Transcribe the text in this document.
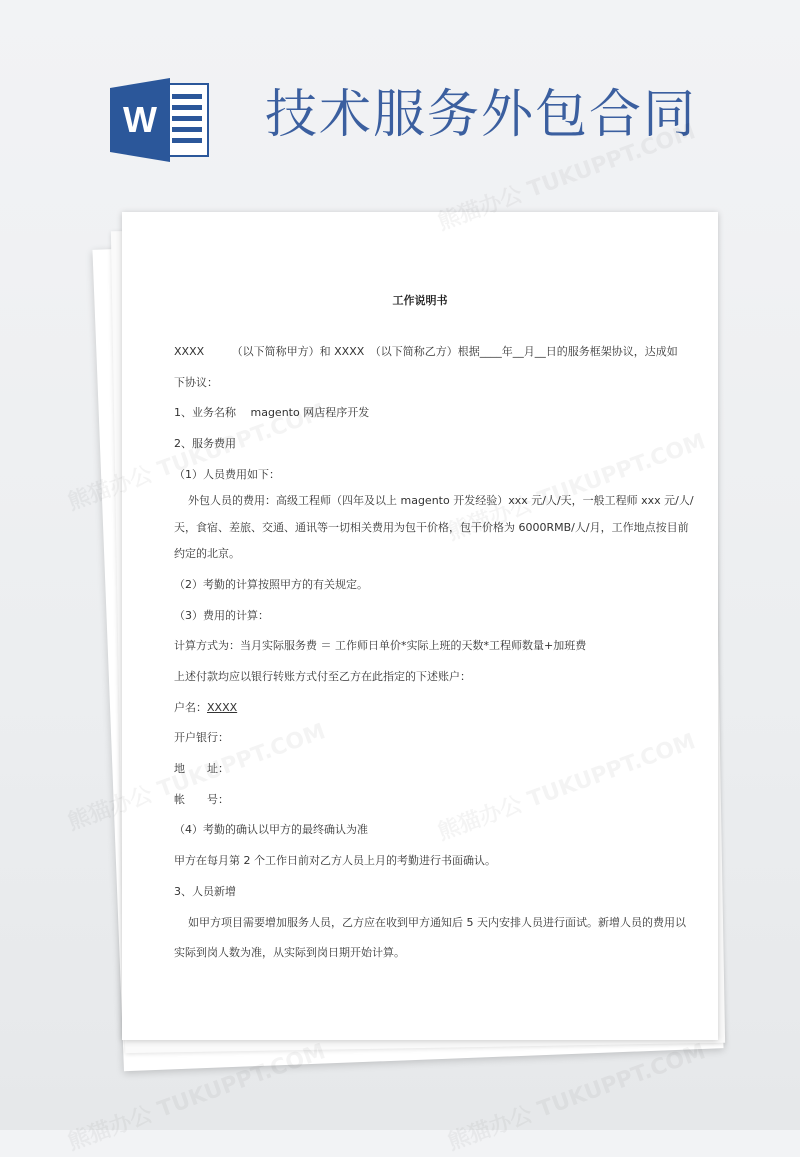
W 技术服务外包合同
工作说明书
XXXX　　　（以下简称甲方）和 XXXX　（以下简称乙方）根据____年__月__日的服务框架协议，达成如
下协议：
1、业务名称　 magento 网店程序开发
2、服务费用
（1）人员费用如下：
外包人员的费用：高级工程师（四年及以上 magento 开发经验）xxx 元/人/天，一般工程师 xxx 元/人/
天，食宿、差旅、交通、通讯等一切相关费用为包干价格，包干价格为 6000RMB/人/月，工作地点按目前
约定的北京。
（2）考勤的计算按照甲方的有关规定。
（3）费用的计算：
计算方式为：当月实际服务费 ＝ 工作师日单价*实际上班的天数*工程师数量+加班费
上述付款均应以银行转账方式付至乙方在此指定的下述账户：
户名：XXXX
开户银行：
地　　址：
帐　　号：
（4）考勤的确认以甲方的最终确认为准
甲方在每月第 2 个工作日前对乙方人员上月的考勤进行书面确认。
3、人员新增
如甲方项目需要增加服务人员，乙方应在收到甲方通知后 5 天内安排人员进行面试。新增人员的费用以
实际到岗人数为准，从实际到岗日期开始计算。
